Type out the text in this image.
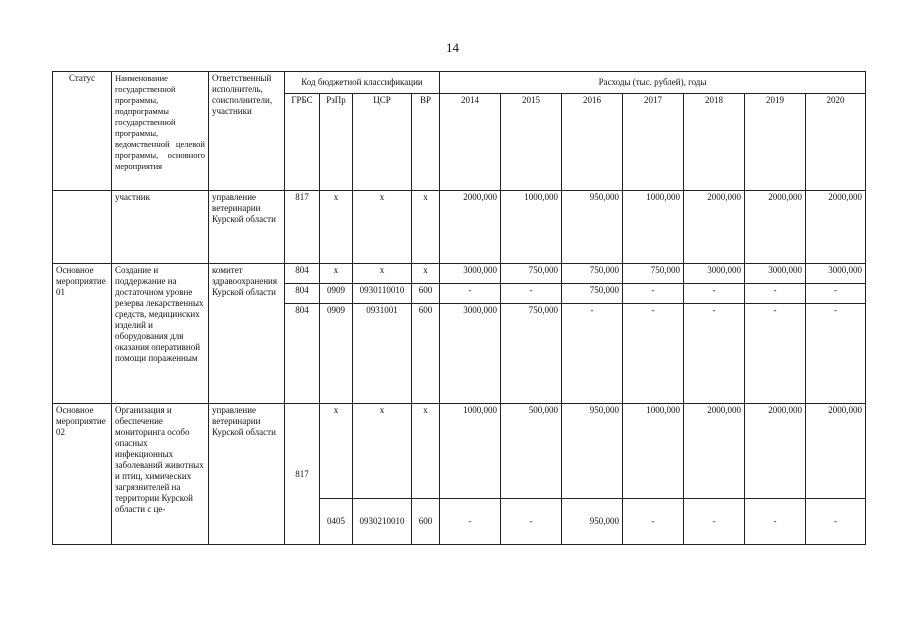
14
Статус	Наименование государственной программы, подпрограммы государственной программы, ведомственной целевой программы, основного мероприятия	Ответственный исполнитель, соисполнители, участники	Код бюджетной классификации				Расходы (тыс. рублей), годы						
			ГРБС	РзПр	ЦСР	ВР	2014	2015	2016	2017	2018	2019	2020
	участник	управление ветеринарии Курской области	817	х	х	х	2000,000	1000,000	950,000	1000,000	2000,000	2000,000	2000,000
Основное мероприятие 01	Создание и поддержание на достаточном уровне резерва лекарственных средств, медицинских изделий и оборудования для оказания оперативной помощи пораженным	комитет здравоохранения Курской области	804	х	х	х	3000,000	750,000	750,000	750,000	3000,000	3000,000	3000,000
			804	0909	0930110010	600	-	-	750,000	-	-	-	-
			804	0909	0931001	600	3000,000	750,000	-	-	-	-	-
Основное мероприятие 02	Организация и обеспечение мониторинга особо опасных инфекционных заболеваний животных и птиц, химических загрязнителей на территории Курской области с це-	управление ветеринарии Курской области	817	х	х	х	1000,000	500,000	950,000	1000,000	2000,000	2000,000	2000,000
				0405	0930210010	600	-	-	950,000	-	-	-	-
